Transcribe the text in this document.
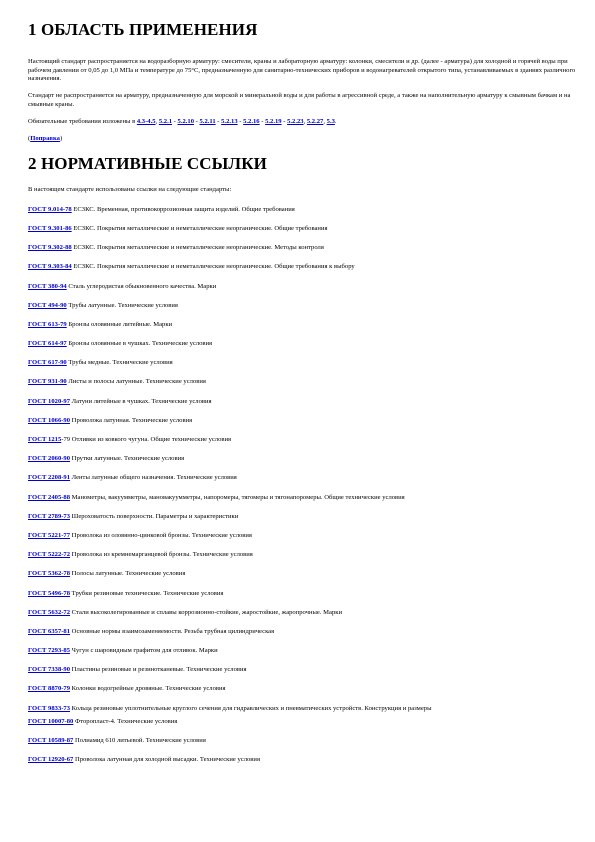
1 ОБЛАСТЬ ПРИМЕНЕНИЯ

Настоящий стандарт распространяется на водоразборную арматуру: смесители, краны и лабораторную арматуру: колонки, смесители и др. (далее - арматура) для холодной и горячей воды при рабочем давлении от 0,05 до 1,0 МПа и температуре до 75°С, предназначенную для санитарно-технических приборов и водонагревателей открытого типа, устанавливаемых в зданиях различного назначения.

Стандарт не распространяется на арматуру, предназначенную для морской и минеральной воды и для работы в агрессивной среде, а также на наполнительную арматуру к смывным бачкам и на смывные краны.

Обязательные требования изложены в 4.3-4.5, 5.2.1 - 5.2.10 - 5.2.11 - 5.2.13 - 5.2.16 - 5.2.19 - 5.2.23, 5.2.27, 5.3.

(Поправка)

2 НОРМАТИВНЫЕ ССЫЛКИ

В настоящем стандарте использованы ссылки на следующие стандарты:

ГОСТ 9.014-78 ЕСЗКС. Временная, противокоррозионная защита изделий. Общие требования
ГОСТ 9.301-86 ЕСЗКС. Покрытия металлические и неметаллические неорганические. Общие требования
ГОСТ 9.302-88 ЕСЗКС. Покрытия металлические и неметаллические неорганические. Методы контроля
ГОСТ 9.303-84 ЕСЗКС. Покрытия металлические и неметаллические неорганические. Общие требования к выбору
ГОСТ 380-94 Сталь углеродистая обыкновенного качества. Марки
ГОСТ 494-90 Трубы латунные. Технические условия
ГОСТ 613-79 Бронзы оловянные литейные. Марки
ГОСТ 614-97 Бронзы оловянные в чушках. Технические условия
ГОСТ 617-90 Трубы медные. Технические условия
ГОСТ 931-90 Листы и полосы латунные. Технические условия
ГОСТ 1020-97 Латуни литейные в чушках. Технические условия
ГОСТ 1066-90 Проволока латунная. Технические условия
ГОСТ 1215-79 Отливки из ковкого чугуна. Общие технические условия
ГОСТ 2060-90 Прутки латунные. Технические условия
ГОСТ 2208-91 Ленты латунные общего назначения. Технические условия
ГОСТ 2405-88 Манометры, вакуумметры, мановакуумметры, напоромеры, тягомеры и тягонапоромеры. Общие технические условия
ГОСТ 2789-73 Шероховатость поверхности. Параметры и характеристики
ГОСТ 5221-77 Проволока из оловянно-цинковой бронзы. Технические условия
ГОСТ 5222-72 Проволока из кремнемарганцевой бронзы. Технические условия
ГОСТ 5362-78 Полосы латунные. Технические условия
ГОСТ 5496-78 Трубки резиновые технические. Технические условия
ГОСТ 5632-72 Стали высоколегированные и сплавы коррозионно-стойкие, жаростойкие, жаропрочные. Марки
ГОСТ 6357-81 Основные нормы взаимозаменяемости. Резьба трубная цилиндрическая
ГОСТ 7293-85 Чугун с шаровидным графитом для отливок. Марки
ГОСТ 7338-90 Пластины резиновые и резинотканевые. Технические условия
ГОСТ 8870-79 Колонки водогрейные дровяные. Технические условия
ГОСТ 9833-73 Кольца резиновые уплотнительные круглого сечения для гидравлических и пневматических устройств. Конструкция и размеры
ГОСТ 10007-80 Фторопласт-4. Технические условия
ГОСТ 10589-87 Полиамид 610 литьевой. Технические условия
ГОСТ 12920-67 Проволока латунная для холодной высадки. Технические условия
